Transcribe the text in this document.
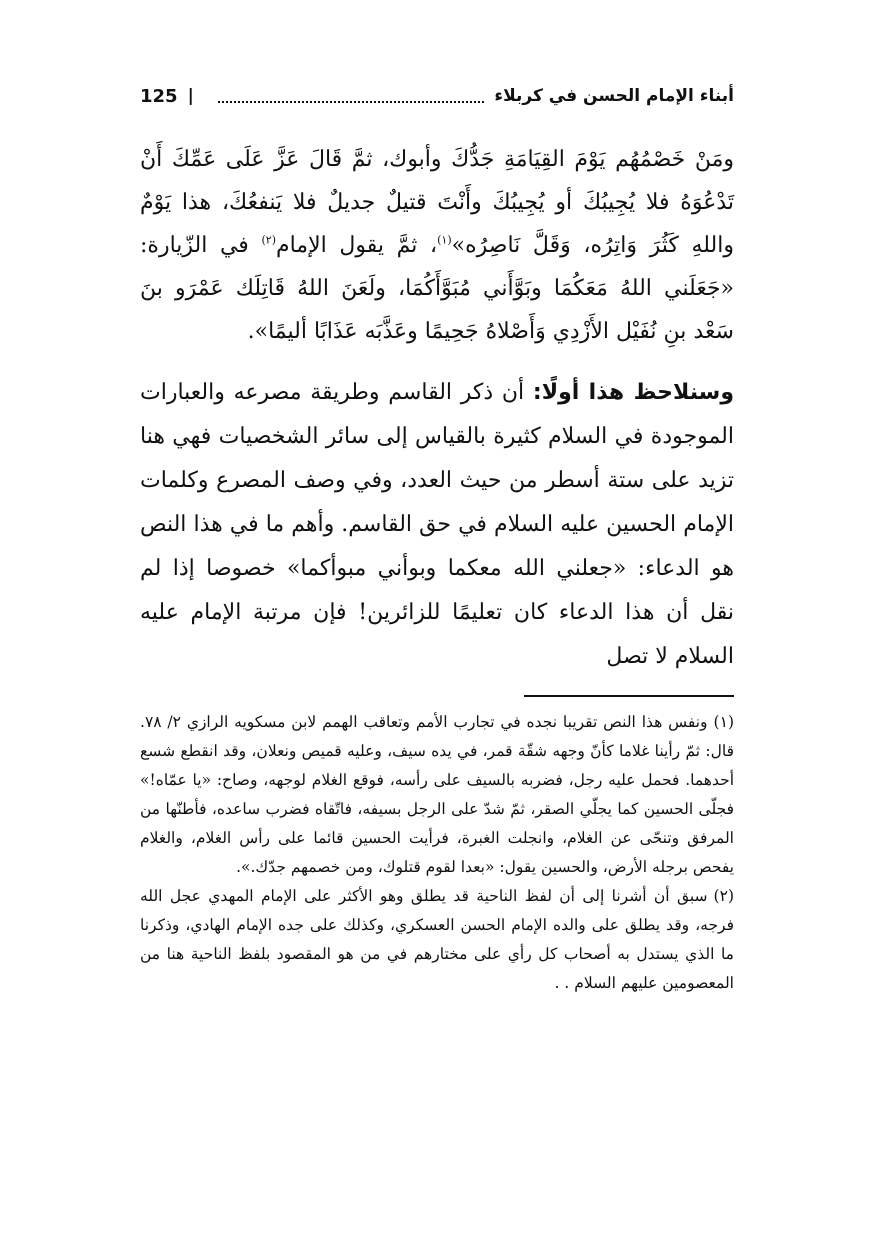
أبناء الإمام الحسن في كربلاء
|
125

ومَنْ خَصْمُهُم يَوْمَ القِيَامَةِ جَدُّكَ وأبوك، ثمَّ قَالَ عَزَّ عَلَى عَمِّكَ أَنْ تَدْعُوَهُ فلا يُجِيبُكَ أو يُجِيبُكَ وأَنْتَ قتيلٌ جديلٌ فلا يَنفعُكَ، هذا يَوْمٌ واللهِ كَثُرَ وَاتِرُه، وَقَلَّ نَاصِرُه»$^{(١)}$، ثمَّ يقول الإمام$^{(٢)}$ في الزّيارة: «جَعَلَني اللهُ مَعَكُمَا وبَوَّأَني مُبَوَّأَكُمَا، ولَعَنَ اللهُ قَاتِلَك عَمْرَو بنَ سَعْد بنِ نُفَيْل الأَزْدِي وَأَصْلاهُ جَحِيمًا وعَذَّبَه عَذَابًا أليمًا».

وسنلاحظ هذا أولًا: أن ذكر القاسم وطريقة مصرعه والعبارات الموجودة في السلام كثيرة بالقياس إلى سائر الشخصيات فهي هنا تزيد على ستة أسطر من حيث العدد، وفي وصف المصرع وكلمات الإمام الحسين عليه السلام في حق القاسم. وأهم ما في هذا النص هو الدعاء: «جعلني الله معكما وبوأني مبوأكما» خصوصا إذا لم نقل أن هذا الدعاء كان تعليمًا للزائرين! فإن مرتبة الإمام عليه السلام لا تصل

(١)ونفس هذا النص تقريبا نجده في تجارب الأمم وتعاقب الهمم لابن مسكويه الرازي ٢/ ٧٨. قال: ثمّ رأينا غلاما كأنّ وجهه شقّة قمر، في يده سيف، وعليه قميص ونعلان، وقد انقطع شسع أحدهما. فحمل عليه رجل، فضربه بالسيف على رأسه، فوقع الغلام لوجهه، وصاح: «يا عمّاه!» فجلّى الحسين كما يجلّي الصقر، ثمّ شدّ على الرجل بسيفه، فاتّقاه فضرب ساعده، فأطنّها من المرفق وتنحّى عن الغلام، وانجلت الغبرة، فرأيت الحسين قائما على رأس الغلام، والغلام يفحص برجله الأرض، والحسين يقول: «بعدا لقوم قتلوك، ومن خصمهم جدّك.».

(٢)سبق أن أشرنا إلى أن لفظ الناحية قد يطلق وهو الأكثر على الإمام المهدي عجل الله فرجه، وقد يطلق على والده الإمام الحسن العسكري، وكذلك على جده الإمام الهادي، وذكرنا ما الذي يستدل به أصحاب كل رأي على مختارهم في من هو المقصود بلفظ الناحية هنا من المعصومين عليهم السلام . .
